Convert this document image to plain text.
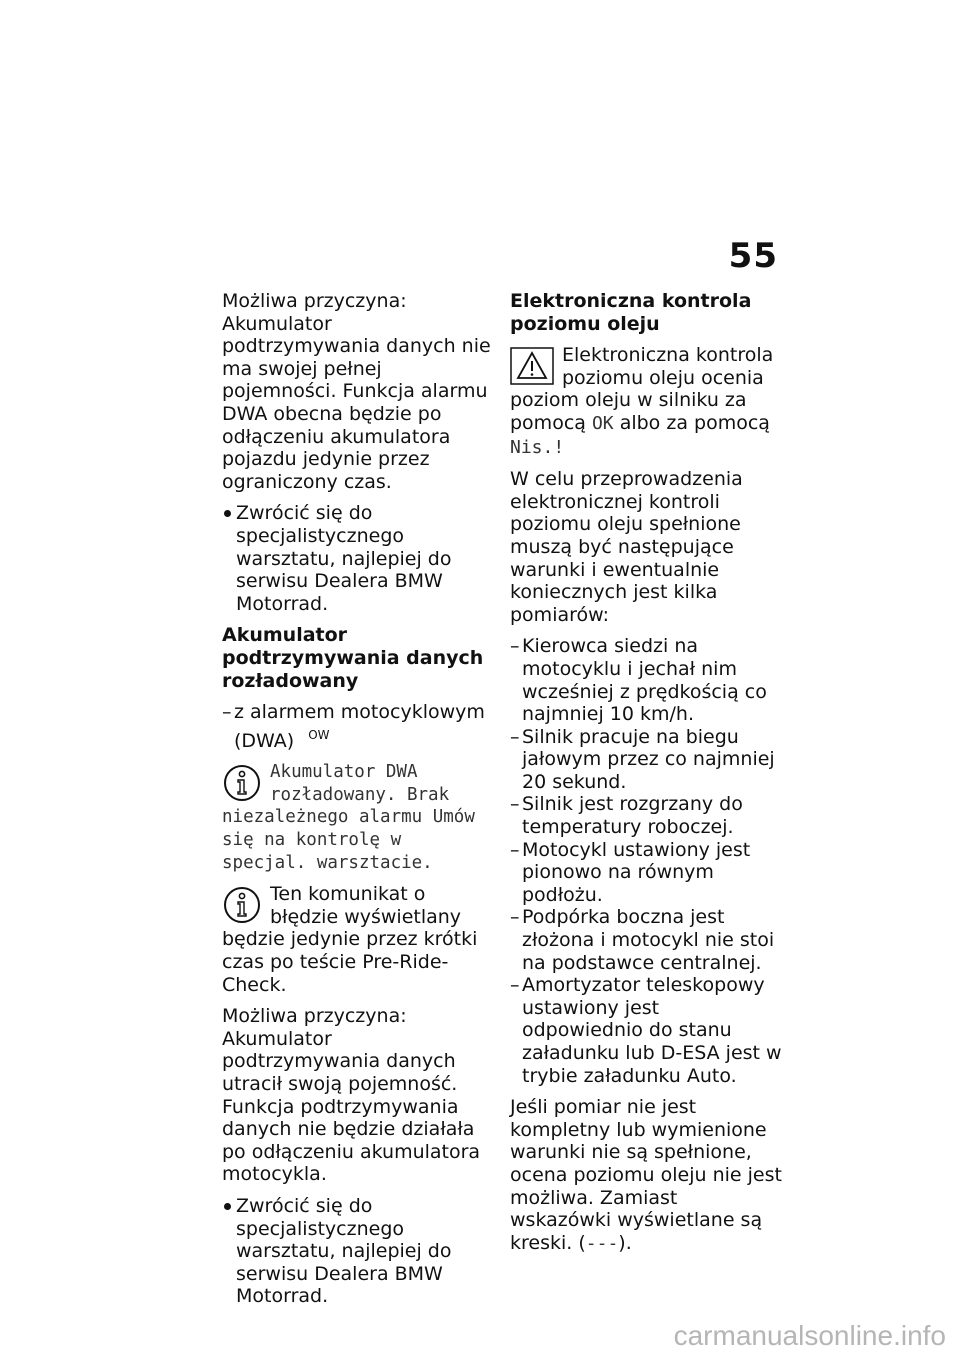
55

Możliwa przyczyna:

Akumulator podtrzymywania danych nie ma swojej pełnej pojemności. Funkcja alarmu DWA obecna będzie po odłączeniu akumulatora pojazdu jedynie przez ograniczony czas.

Zwrócić się do specjalistycznego warsztatu, najlepiej do serwisu Dealera BMW Motorrad.

Akumulator podtrzymywania danych rozładowany

– z alarmem motocyklowym (DWA) $^{OW}$
Akumulator DWA rozładowany. Brak niezależnego alarmu Umów się na kontrolę w specjal. warsztacie.

Ten komunikat o błędzie wyświetlany będzie jedynie przez krótki czas po teście Pre-Ride-Check.

Możliwa przyczyna:

Akumulator podtrzymywania danych utracił swoją pojemność. Funkcja podtrzymywania danych nie będzie działała po odłączeniu akumulatora motocykla.

Zwrócić się do specjalistycznego warsztatu, najlepiej do serwisu Dealera BMW Motorrad.

Elektroniczna kontrola poziomu oleju

Elektroniczna kontrola poziomu oleju ocenia poziom oleju w silniku za pomocą OK albo za pomocą Nis.!

W celu przeprowadzenia elektronicznej kontroli poziomu oleju spełnione muszą być następujące warunki i ewentualnie koniecznych jest kilka pomiarów:

– Kierowca siedzi na motocyklu i jechał nim wcześniej z prędkością co najmniej 10 km/h.
– Silnik pracuje na biegu jałowym przez co najmniej 20 sekund.
– Silnik jest rozgrzany do temperatury roboczej.
– Motocykl ustawiony jest pionowo na równym podłożu.
– Podpórka boczna jest złożona i motocykl nie stoi na podstawce centralnej.
– Amortyzator teleskopowy ustawiony jest odpowiednio do stanu załadunku lub D-ESA jest w trybie załadunku Auto.

Jeśli pomiar nie jest kompletny lub wymienione warunki nie są spełnione, ocena poziomu oleju nie jest możliwa. Zamiast wskazówki wyświetlane są kreski. (---).

carmanualsonline.info
